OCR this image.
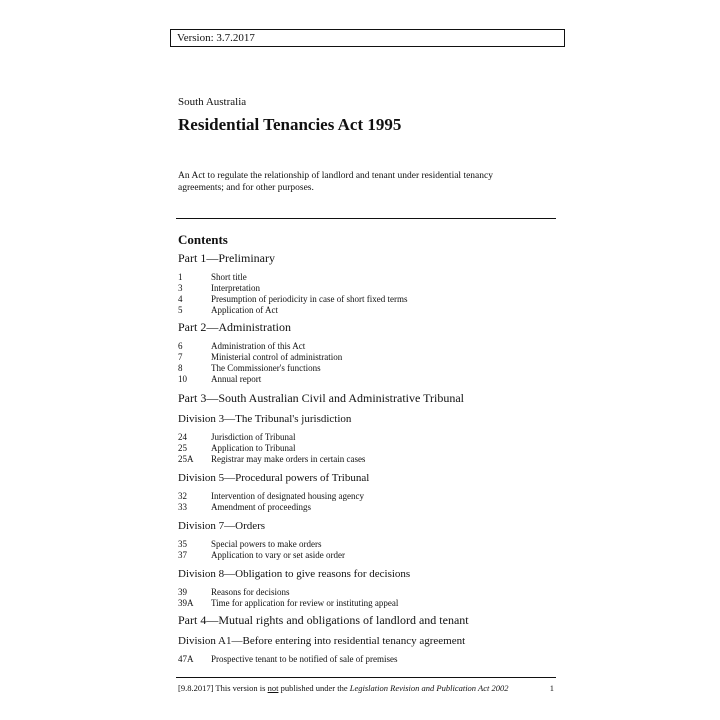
Version: 3.7.2017
South Australia
Residential Tenancies Act 1995

An Act to regulate the relationship of landlord and tenant under residential tenancy agreements; and for other purposes.

Contents
Part 1—Preliminary
1	Short title
3	Interpretation
4	Presumption of periodicity in case of short fixed terms
5	Application of Act
Part 2—Administration
6	Administration of this Act
7	Ministerial control of administration
8	The Commissioner's functions
10	Annual report
Part 3—South Australian Civil and Administrative Tribunal
Division 3—The Tribunal's jurisdiction
24	Jurisdiction of Tribunal
25	Application to Tribunal
25A	Registrar may make orders in certain cases
Division 5—Procedural powers of Tribunal
32	Intervention of designated housing agency
33	Amendment of proceedings
Division 7—Orders
35	Special powers to make orders
37	Application to vary or set aside order
Division 8—Obligation to give reasons for decisions
39	Reasons for decisions
39A	Time for application for review or instituting appeal
Part 4—Mutual rights and obligations of landlord and tenant
Division A1—Before entering into residential tenancy agreement
47A	Prospective tenant to be notified of sale of premises
[9.8.2017] This version is not published under the Legislation Revision and Publication Act 2002	1
